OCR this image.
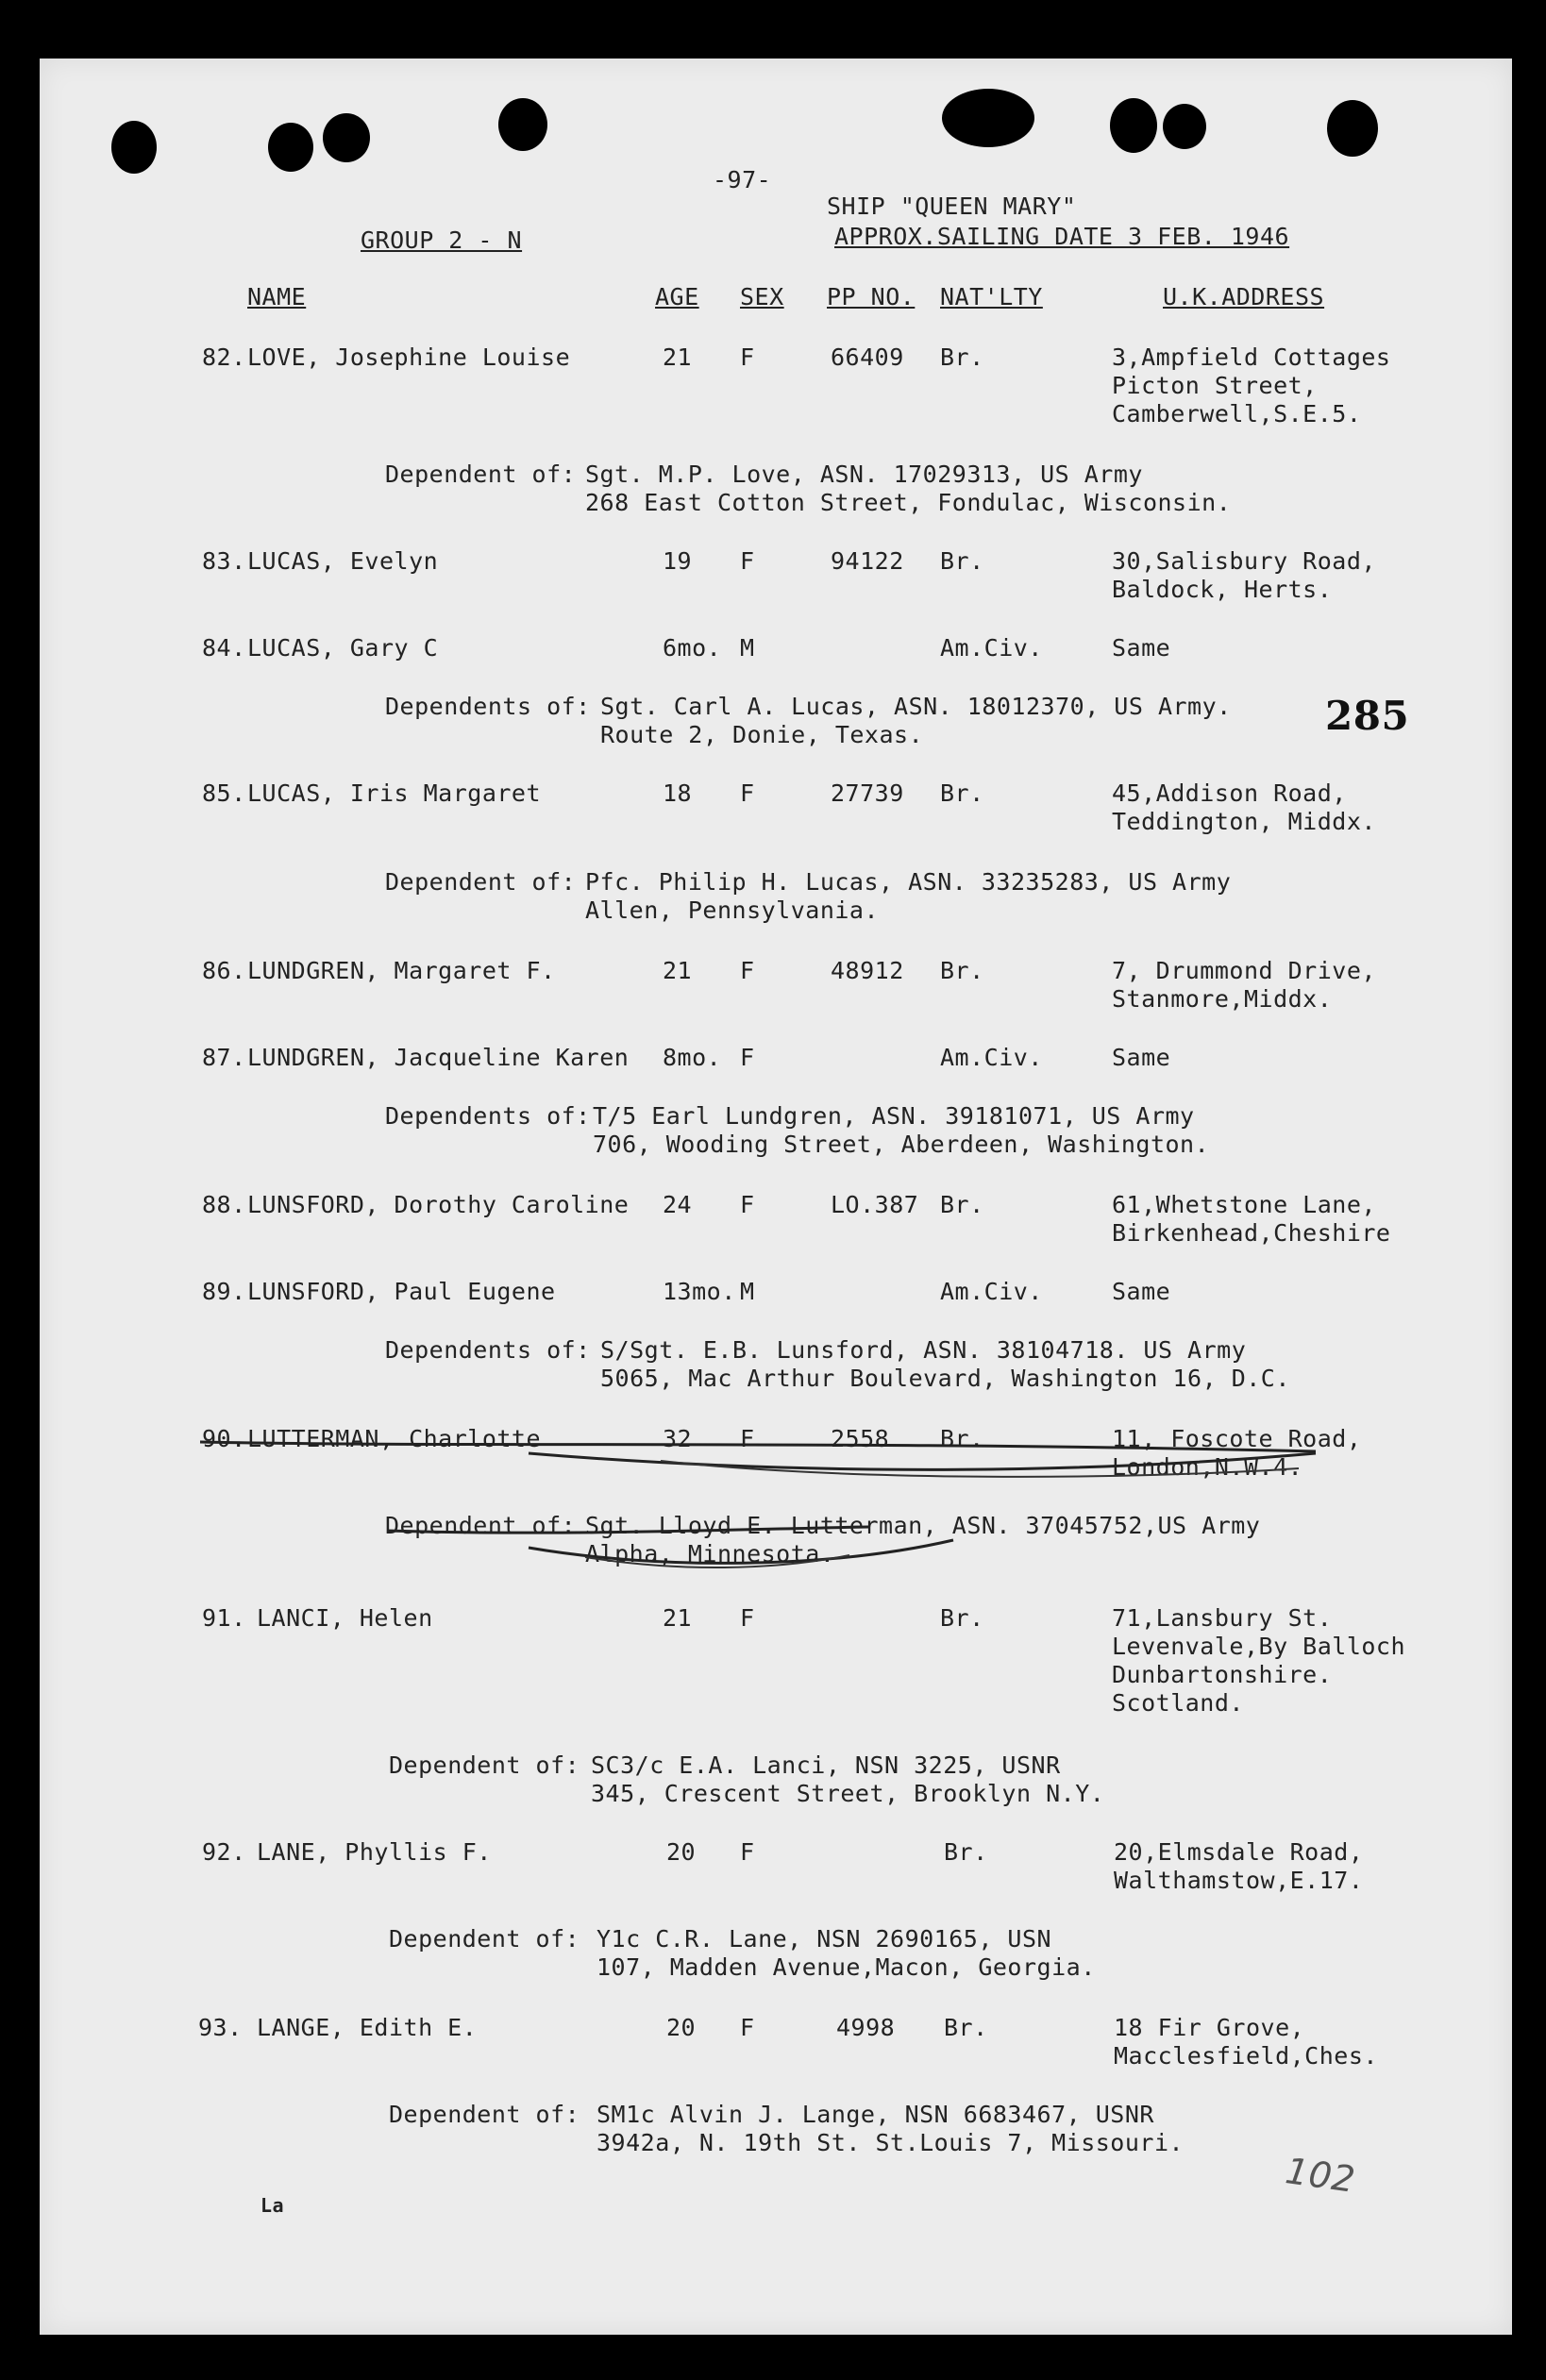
-97-
SHIP "QUEEN MARY"
APPROX.SAILING DATE 3 FEB. 1946
GROUP 2 - N
NAME	AGE SEX PP NO. NAT'LTY	U.K.ADDRESS
82. LOVE, Josephine Louise	21 F	66409 Br.	3,Ampfield Cottages
Picton Street,
Camberwell,S.E.5.
Dependent of: Sgt. M.P. Love, ASN. 17029313, US Army
268 East Cotton Street, Fondulac, Wisconsin.
83. LUCAS, Evelyn	19 F	94122 Br.	30,Salisbury Road,
Baldock, Herts.
84. LUCAS, Gary C	6mo. M	Am.Civ.	Same
Dependents of: Sgt. Carl A. Lucas, ASN. 18012370, US Army.
Route 2, Donie, Texas.	285
85. LUCAS, Iris Margaret	18 F	27739 Br.	45,Addison Road,
Teddington, Middx.
Dependent of: Pfc. Philip H. Lucas, ASN. 33235283, US Army
Allen, Pennsylvania.
86. LUNDGREN, Margaret F.	21 F	48912 Br.	7, Drummond Drive,
Stanmore,Middx.
87. LUNDGREN, Jacqueline Karen 8mo. F	Am.Civ.	Same
Dependents of: T/5 Earl Lundgren, ASN. 39181071, US Army
706, Wooding Street, Aberdeen, Washington.
88. LUNSFORD, Dorothy Caroline 24 F	LO.387 Br.	61,Whetstone Lane,
Birkenhead,Cheshire
89. LUNSFORD, Paul Eugene	13mo. M	Am.Civ.	Same
Dependents of: S/Sgt. E.B. Lunsford, ASN. 38104718. US Army
5065, Mac Arthur Boulevard, Washington 16, D.C.
90. LUTTERMAN, Charlotte	32 F	2558 Br.	11, Foscote Road,
London,N.W.4.
Dependent of: Sgt. Lloyd E. Lutterman, ASN. 37045752,US Army
Alpha, Minnesota.
91. LANCI, Helen	21 F	Br.	71,Lansbury St.
Levenvale,By Balloch
Dunbartonshire.
Scotland.
Dependent of: SC3/c E.A. Lanci, NSN 3225, USNR
345, Crescent Street, Brooklyn N.Y.
92. LANE, Phyllis F.	20 F	Br.	20,Elmsdale Road,
Walthamstow,E.17.
Dependent of: Y1c C.R. Lane, NSN 2690165, USN
107, Madden Avenue,Macon, Georgia.
93. LANGE, Edith E.	20 F	4998 Br.	18 Fir Grove,
Macclesfield,Ches.
Dependent of: SM1c Alvin J. Lange, NSN 6683467, USNR
3942a, N. 19th St. St.Louis 7, Missouri.
102
La
